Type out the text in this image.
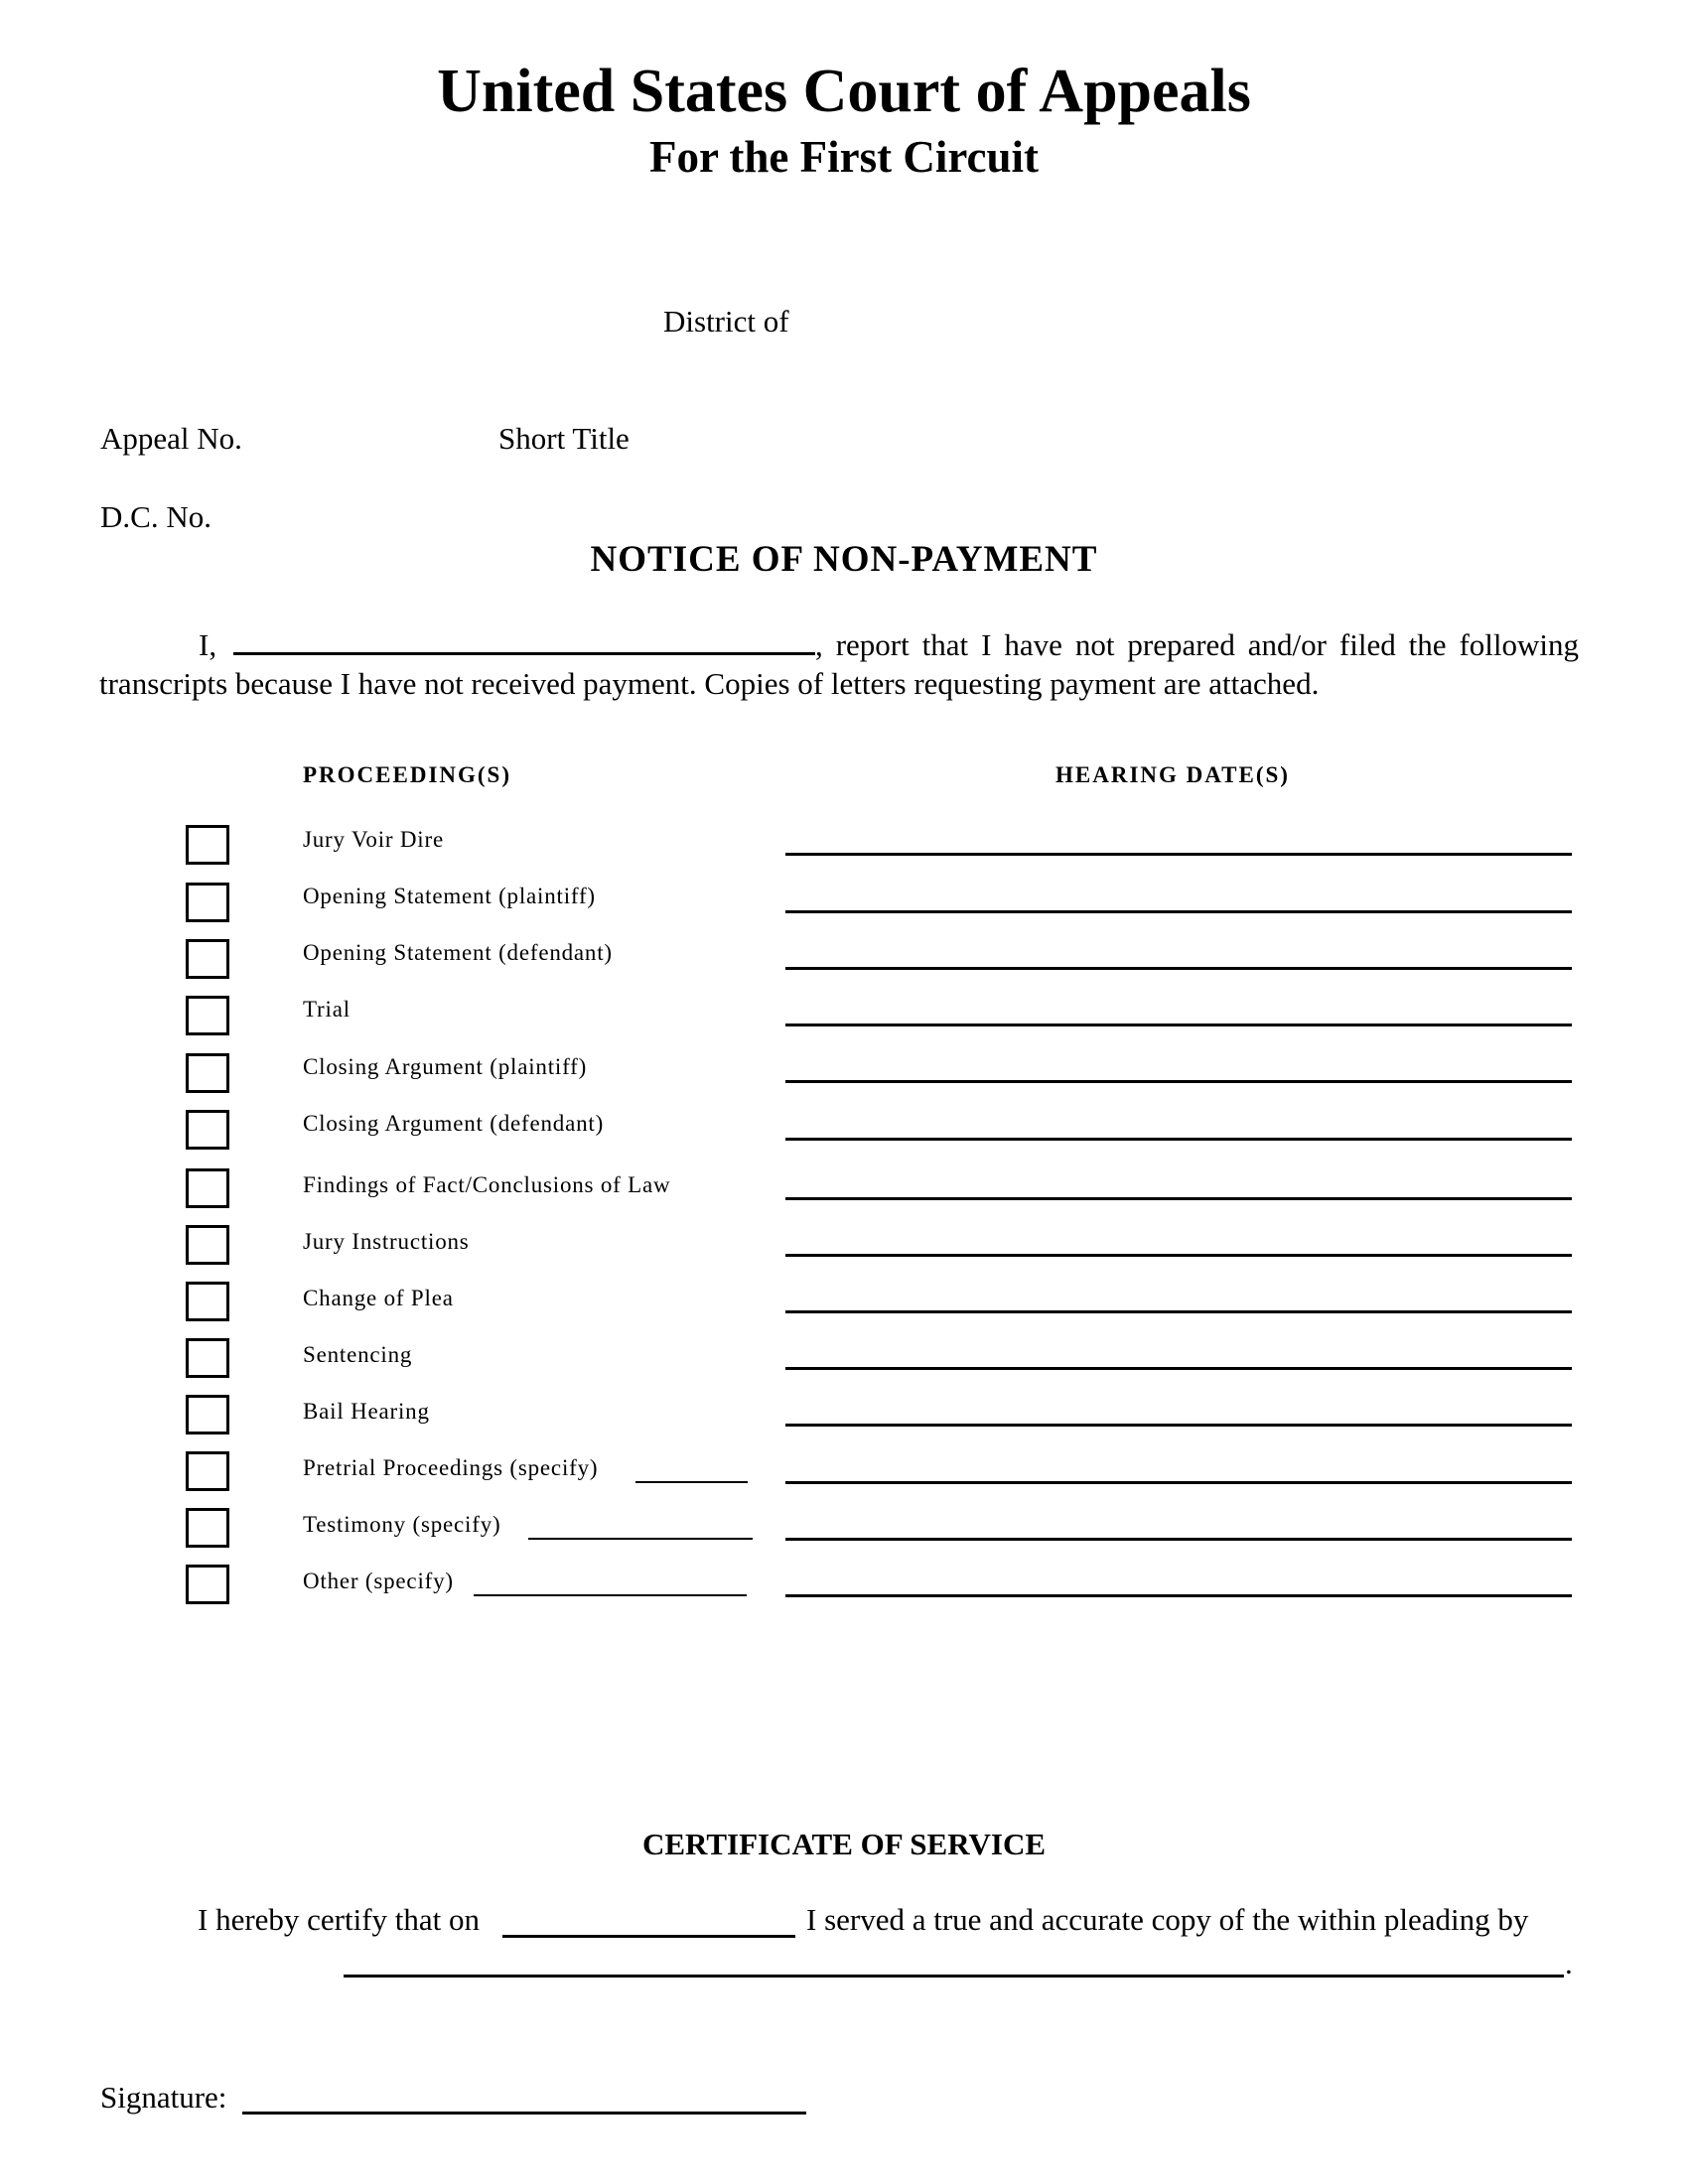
United States Court of Appeals
For the First Circuit
District of
Appeal No.	Short Title
D.C. No.
NOTICE OF NON-PAYMENT
I,	, report that I have not prepared and/or filed the following transcripts because I have not received payment. Copies of letters requesting payment are attached.
PROCEEDING(S)	HEARING DATE(S)
Jury Voir Dire
Opening Statement (plaintiff)
Opening Statement (defendant)
Trial
Closing Argument (plaintiff)
Closing Argument (defendant)
Findings of Fact/Conclusions of Law
Jury Instructions
Change of Plea
Sentencing
Bail Hearing
Pretrial Proceedings (specify)
Testimony (specify)
Other (specify)
CERTIFICATE OF SERVICE
I hereby certify that on	I served a true and accurate copy of the within pleading by
.
Signature:
